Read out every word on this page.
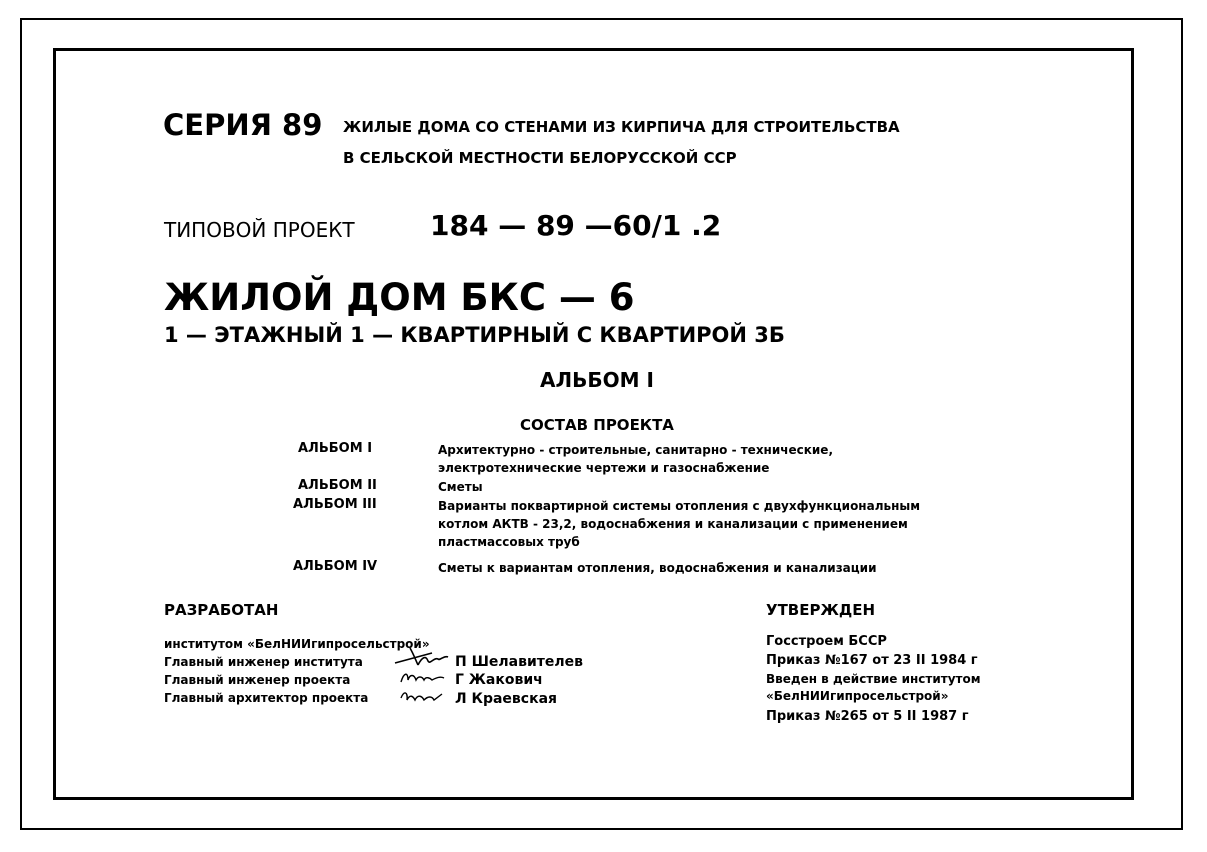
СЕРИЯ 89 ЖИЛЫЕ ДОМА СО СТЕНАМИ ИЗ КИРПИЧА ДЛЯ СТРОИТЕЛЬСТВА
В СЕЛЬСКОЙ МЕСТНОСТИ БЕЛОРУССКОЙ ССР
ТИПОВОЙ ПРОЕКТ	184 — 89 —60/1 .2
ЖИЛОЙ ДОМ БКС — 6
1 — ЭТАЖНЫЙ 1 — КВАРТИРНЫЙ С КВАРТИРОЙ 3Б
АЛЬБОМ I
СОСТАВ ПРОЕКТА
АЛЬБОМ I	Архитектурно - строительные, санитарно - технические,
электротехнические чертежи и газоснабжение
АЛЬБОМ II	Сметы
АЛЬБОМ III	Варианты поквартирной системы отопления с двухфункциональным
котлом АКТВ - 23,2, водоснабжения и канализации с применением
пластмассовых труб
АЛЬБОМ IV	Сметы к вариантам отопления, водоснабжения и канализации
РАЗРАБОТАН
институтом «БелНИИгипросельстрой»
Главный инженер института	П Шелавителев
Главный инженер проекта	Г Жакович
Главный архитектор проекта	Л Краевская
УТВЕРЖДЕН
Госстроем БССР
Приказ №167 от 23 II 1984 г
Введен в действие институтом
«БелНИИгипросельстрой»
Приказ №265 от 5 II 1987 г
